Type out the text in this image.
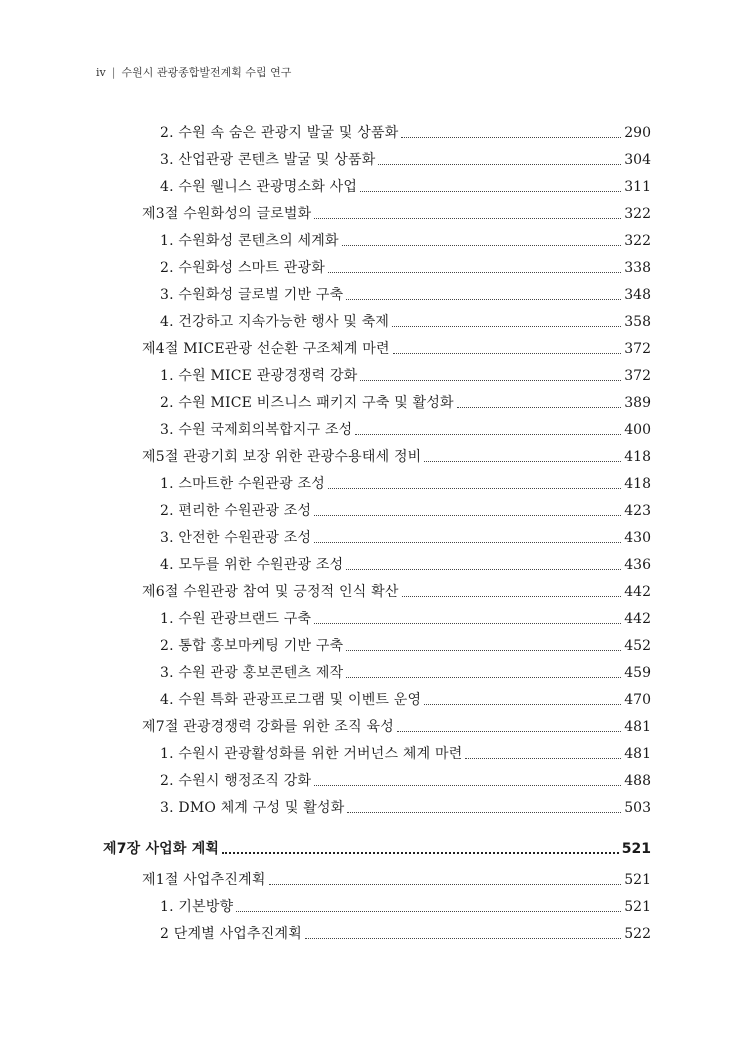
iv | 수원시 관광종합발전계획 수립 연구
2. 수원 속 숨은 관광지 발굴 및 상품화	290
3. 산업관광 콘텐츠 발굴 및 상품화	304
4. 수원 웰니스 관광명소화 사업	311
제3절 수원화성의 글로벌화	322
1. 수원화성 콘텐츠의 세계화	322
2. 수원화성 스마트 관광화	338
3. 수원화성 글로벌 기반 구축	348
4. 건강하고 지속가능한 행사 및 축제	358
제4절 MICE관광 선순환 구조체계 마련	372
1. 수원 MICE 관광경쟁력 강화	372
2. 수원 MICE 비즈니스 패키지 구축 및 활성화	389
3. 수원 국제회의복합지구 조성	400
제5절 관광기회 보장 위한 관광수용태세 정비	418
1. 스마트한 수원관광 조성	418
2. 편리한 수원관광 조성	423
3. 안전한 수원관광 조성	430
4. 모두를 위한 수원관광 조성	436
제6절 수원관광 참여 및 긍정적 인식 확산	442
1. 수원 관광브랜드 구축	442
2. 통합 홍보마케팅 기반 구축	452
3. 수원 관광 홍보콘텐츠 제작	459
4. 수원 특화 관광프로그램 및 이벤트 운영	470
제7절 관광경쟁력 강화를 위한 조직 육성	481
1. 수원시 관광활성화를 위한 거버넌스 체계 마련	481
2. 수원시 행정조직 강화	488
3. DMO 체계 구성 및 활성화	503
제7장 사업화 계획	521
제1절 사업추진계획	521
1. 기본방향	521
2 단계별 사업추진계획	522
